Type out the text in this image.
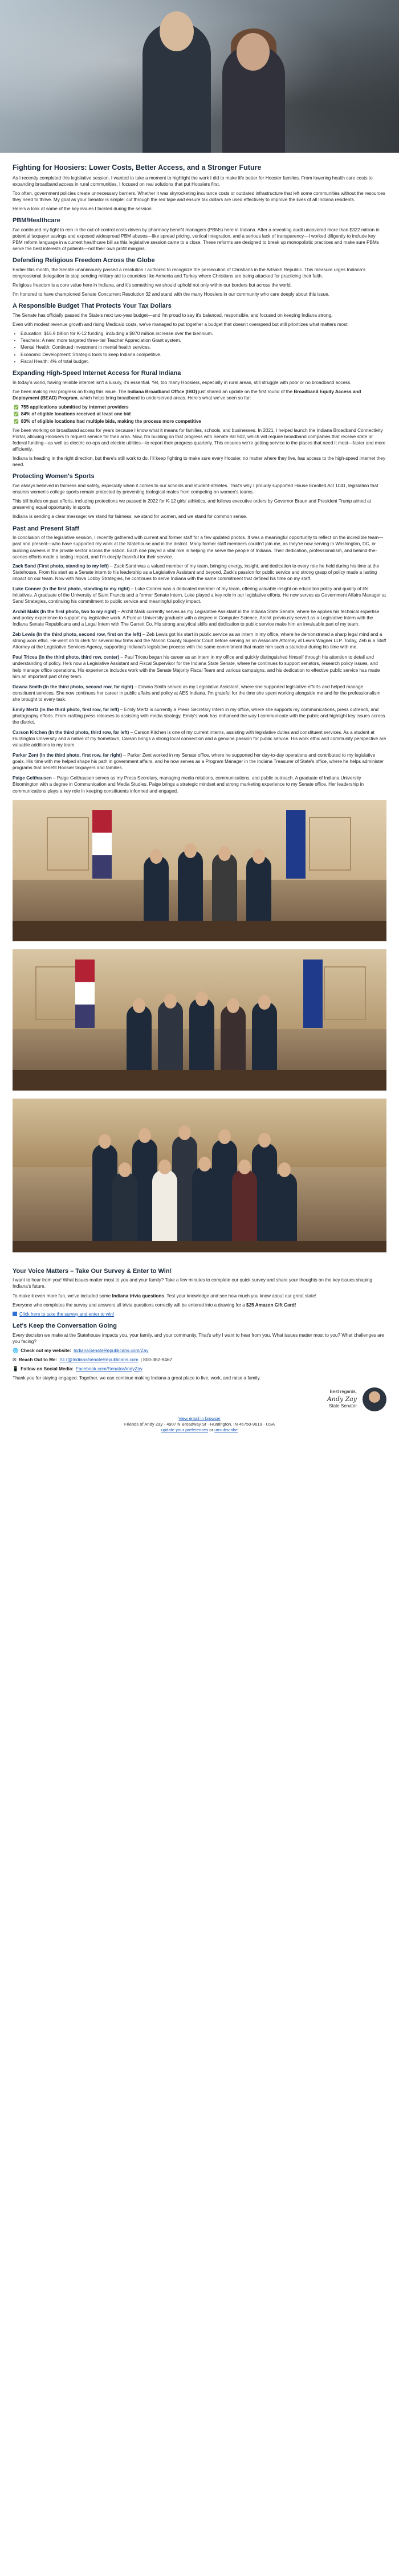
Fighting for Hoosiers: Lower Costs, Better Access, and a Stronger Future

As I recently completed this legislative session, I wanted to take a moment to highlight the work I did to make life better for Hoosier families. From lowering health care costs to expanding broadband access in rural communities, I focused on real solutions that put Hoosiers first.

Too often, government policies create unnecessary barriers. Whether it was skyrocketing insurance costs or outdated infrastructure that left some communities without the resources they need to thrive. My goal as your Senator is simple: cut through the red tape and ensure tax dollars are used effectively to improve the lives of all Indiana residents.

Here's a look at some of the key issues I tackled during the session:

PBM/Healthcare

I've continued my fight to rein in the out-of-control costs driven by pharmacy benefit managers (PBMs) here in Indiana. After a revealing audit uncovered more than $322 million in potential taxpayer savings and exposed widespread PBM abuses—like spread pricing, vertical integration, and a serious lack of transparency—I worked diligently to include key PBM reform language in a current healthcare bill as this legislative session came to a close. These reforms are designed to break up monopolistic practices and make sure PBMs serve the best interests of patients—not their own profit margins.

Defending Religious Freedom Across the Globe

Earlier this month, the Senate unanimously passed a resolution I authored to recognize the persecution of Christians in the Artsakh Republic. This measure urges Indiana's congressional delegation to stop sending military aid to countries like Armenia and Turkey where Christians are being attacked for practicing their faith.

Religious freedom is a core value here in Indiana, and it's something we should uphold not only within our borders but across the world.

I'm honored to have championed Senate Concurrent Resolution 32 and stand with the many Hoosiers in our community who care deeply about this issue.

A Responsible Budget That Protects Your Tax Dollars

The Senate has officially passed the State's next two-year budget—and I'm proud to say it's balanced, responsible, and focused on keeping Indiana strong.

Even with modest revenue growth and rising Medicaid costs, we've managed to put together a budget that doesn't overspend but still prioritizes what matters most:

• Education: $16.9 billion for K-12 funding, including a $870 million increase over the biennium.
• Teachers: A new, more targeted three-tier Teacher Appreciation Grant system.
• Mental Health: Continued investment in mental health services.
• Economic Development: Strategic tools to keep Indiana competitive.
• Fiscal Health: 4% of total budget.
Expanding High-Speed Internet Access for Rural Indiana

In today's world, having reliable internet isn't a luxury, it's essential. Yet, too many Hoosiers, especially in rural areas, still struggle with poor or no broadband access.

I've been making real progress on fixing this issue. The Indiana Broadband Office (IBO) just shared an update on the first round of the Broadband Equity Access and Deployment (BEAD) Program, which helps bring broadband to underserved areas. Here's what we've seen so far:

✅ 755 applications submitted by internet providers
✅ 84% of eligible locations received at least one bid
✅ 83% of eligible locations had multiple bids, making the process more competitive

I've been working on broadband access for years because I know what it means for families, schools, and businesses. In 2021, I helped launch the Indiana Broadband Connectivity Portal, allowing Hoosiers to request service for their area. Now, I'm building on that progress with Senate Bill 502, which will require broadband companies that receive state or federal funding—as well as electric co-ops and electric utilities—to report their progress quarterly. This ensures we're getting service to the places that need it most—faster and more efficiently.

Indiana is heading in the right direction, but there's still work to do. I'll keep fighting to make sure every Hoosier, no matter where they live, has access to the high-speed internet they need.

Protecting Women's Sports

I've always believed in fairness and safety, especially when it comes to our schools and student-athletes. That's why I proudly supported House Enrolled Act 1041, legislation that ensures women's college sports remain protected by preventing biological males from competing on women's teams.

This bill builds on past efforts, including protections we passed in 2022 for K-12 girls' athletics, and follows executive orders by Governor Braun and President Trump aimed at preserving equal opportunity in sports.

Indiana is sending a clear message: we stand for fairness, we stand for women, and we stand for common sense.

Past and Present Staff

In conclusion of the legislative session, I recently gathered with current and former staff for a few updated photos. It was a meaningful opportunity to reflect on the incredible team—past and present—who have supported my work at the Statehouse and in the district. Many former staff members couldn't join me, as they're now serving in Washington, DC, or building careers in the private sector across the nation. Each one played a vital role in helping me serve the people of Indiana. Their dedication, professionalism, and behind-the-scenes efforts made a lasting impact, and I'm deeply thankful for their service.

Zack Sand (First photo, standing to my left) – Zack Sand was a valued member of my team, bringing energy, insight, and dedication to every role he held during his time at the Statehouse. From his start as a Senate intern to his leadership as a Legislative Assistant and beyond, Zack's passion for public service and strong grasp of policy made a lasting impact on our team. Now with Nova Lobby Strategies, he continues to serve Indiana with the same commitment that defined his time on my staff.

Luke Conner (In the first photo, standing to my right) – Luke Conner was a dedicated member of my team, offering valuable insight on education policy and quality of life initiatives. A graduate of the University of Saint Francis and a former Senate intern, Luke played a key role in our legislative efforts. He now serves as Government Affairs Manager at Sand Strategies, continuing his commitment to public service and meaningful policy impact.

Archit Malik (In the first photo, two to my right) – Archit Malik currently serves as my Legislative Assistant in the Indiana State Senate, where he applies his technical expertise and policy experience to support my legislative work. A Purdue University graduate with a degree in Computer Science, Archit previously served as a Legislative Intern with the Indiana Senate Republicans and a Legal Intern with The Garrett Co. His strong analytical skills and dedication to public service make him an invaluable part of my team.

Zeb Lewis (In the third photo, second row, first on the left) – Zeb Lewis got his start in public service as an intern in my office, where he demonstrated a sharp legal mind and a strong work ethic. He went on to clerk for several law firms and the Marion County Superior Court before serving as an Associate Attorney at Lewis Wagner LLP. Today, Zeb is a Staff Attorney at the Legislative Services Agency, supporting Indiana's legislative process with the same commitment that made him such a standout during his time with me.

Paul Triceu (In the third photo, third row, center) – Paul Triceu began his career as an intern in my office and quickly distinguished himself through his attention to detail and understanding of policy. He's now a Legislative Assistant and Fiscal Supervisor for the Indiana State Senate, where he continues to support senators, research policy issues, and help manage office operations. His experience includes work with the Senate Majority Fiscal Team and various campaigns, and his dedication to effective public service has made him an important part of my team.

Dawna Smith (In the third photo, second row, far right) – Dawna Smith served as my Legislative Assistant, where she supported legislative efforts and helped manage constituent services. She now continues her career in public affairs and policy at AES Indiana. I'm grateful for the time she spent working alongside me and for the professionalism she brought to every task.

Emily Mertz (In the third photo, first row, far left) – Emily Mertz is currently a Press Secretary Intern in my office, where she supports my communications, press outreach, and photography efforts. From crafting press releases to assisting with media strategy, Emily's work has enhanced the way I communicate with the public and highlight key issues across the district.

Carson Kitchen (In the third photo, third row, far left) – Carson Kitchen is one of my current interns, assisting with legislative duties and constituent services. As a student at Huntington University and a native of my hometown, Carson brings a strong local connection and a genuine passion for public service. His work ethic and community perspective are valuable additions to my team.

Parker Zent (In the third photo, first row, far right) – Parker Zent worked in my Senate office, where he supported her day-to-day operations and contributed to my legislative goals. His time with me helped shape his path in government affairs, and he now serves as a Program Manager in the Indiana Treasurer of State's office, where he helps administer programs that benefit Hoosier taxpayers and families.

Paige Gelthausen – Paige Gelthausen serves as my Press Secretary, managing media relations, communications, and public outreach. A graduate of Indiana University Bloomington with a degree in Communication and Media Studies, Paige brings a strategic mindset and strong marketing experience to my Senate office. Her leadership in communications plays a key role in keeping constituents informed and engaged.

Your Voice Matters – Take Our Survey & Enter to Win!

I want to hear from you! What issues matter most to you and your family? Take a few minutes to complete our quick survey and share your thoughts on the key issues shaping Indiana's future.

To make it even more fun, we've included some Indiana trivia questions. Test your knowledge and see how much you know about our great state!

Everyone who completes the survey and answers all trivia questions correctly will be entered into a drawing for a $25 Amazon Gift Card!

Click here to take the survey and enter to win!

Let's Keep the Conversation Going

Every decision we make at the Statehouse impacts you, your family, and your community. That's why I want to hear from you. What issues matter most to you? What challenges are you facing?

🌐 Check out my website: IndianaSenateRepublicans.com/Zay

✉ Reach Out to Me: S17@IndianaSenateRepublicans.com | 800-382-9467

📱 Follow on Social Media: Facebook.com/SenatorAndyZay

Thank you for staying engaged. Together, we can continue making Indiana a great place to live, work, and raise a family.

Best regards,
Andy Zay
State Senator
View email in browser
Friends of Andy Zay · 4907 N Broadway St · Huntington, IN 46750-9619 · USA
update your preferences or unsubscribe
